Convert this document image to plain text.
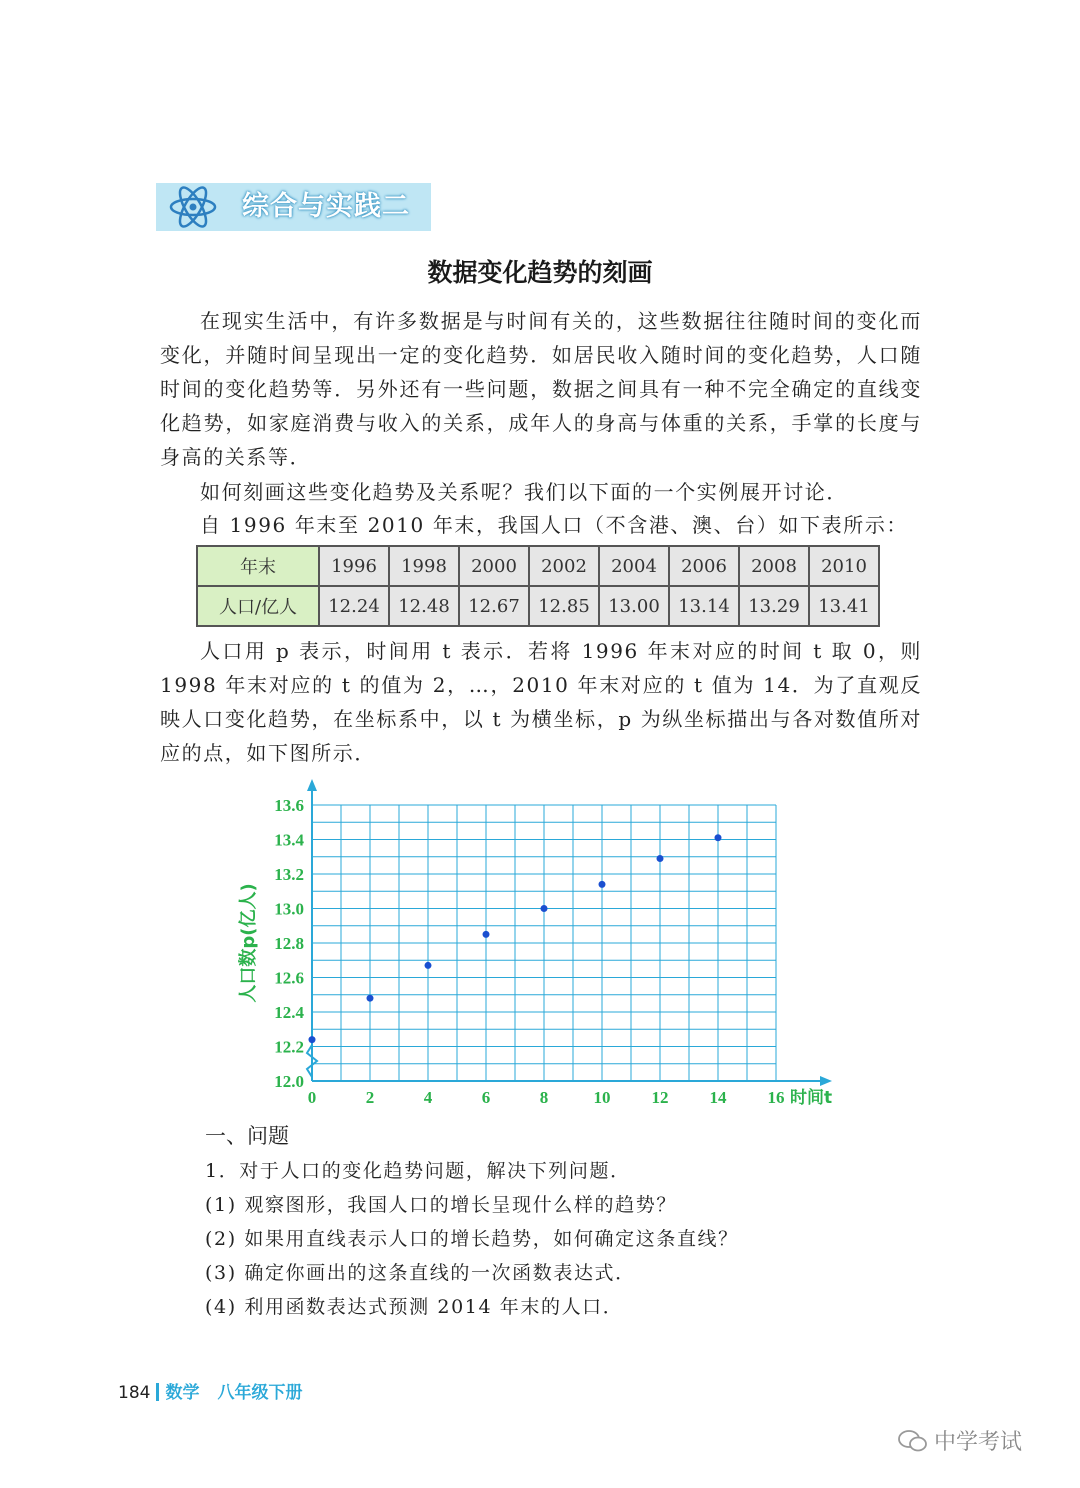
综合与实践二
数据变化趋势的刻画
在现实生活中，有许多数据是与时间有关的，这些数据往往随时间的变化而变化，并随时间呈现出一定的变化趋势．如居民收入随时间的变化趋势，人口随时间的变化趋势等．另外还有一些问题，数据之间具有一种不完全确定的直线变化趋势，如家庭消费与收入的关系，成年人的身高与体重的关系，手掌的长度与身高的关系等．
如何刻画这些变化趋势及关系呢？我们以下面的一个实例展开讨论．
自 1996 年末至 2010 年末，我国人口（不含港、澳、台）如下表所示：
年末	1996	1998	2000	2002	2004	2006	2008	2010
人口/亿人	12.24	12.48	12.67	12.85	13.00	13.14	13.29	13.41
人口用 p 表示，时间用 t 表示．若将 1996 年末对应的时间 t 取 0，则 1998 年末对应的 t 的值为 2，…，2010 年末对应的 t 值为 14．为了直观反映人口变化趋势，在坐标系中，以 t 为横坐标，p 为纵坐标描出与各对数值所对应的点，如下图所示．
12.0
12.2
12.4
12.6
12.8
13.0
13.2
13.4
13.6
0	2	4	6	8	10 12 14 16 时间t
人口数p(亿人)
一、问题
1．对于人口的变化趋势问题，解决下列问题．
(1) 观察图形，我国人口的增长呈现什么样的趋势？
(2) 如果用直线表示人口的增长趋势，如何确定这条直线？
(3) 确定你画出的这条直线的一次函数表达式．
(4) 利用函数表达式预测 2014 年末的人口．
184 数学 八年级下册
中学考试
